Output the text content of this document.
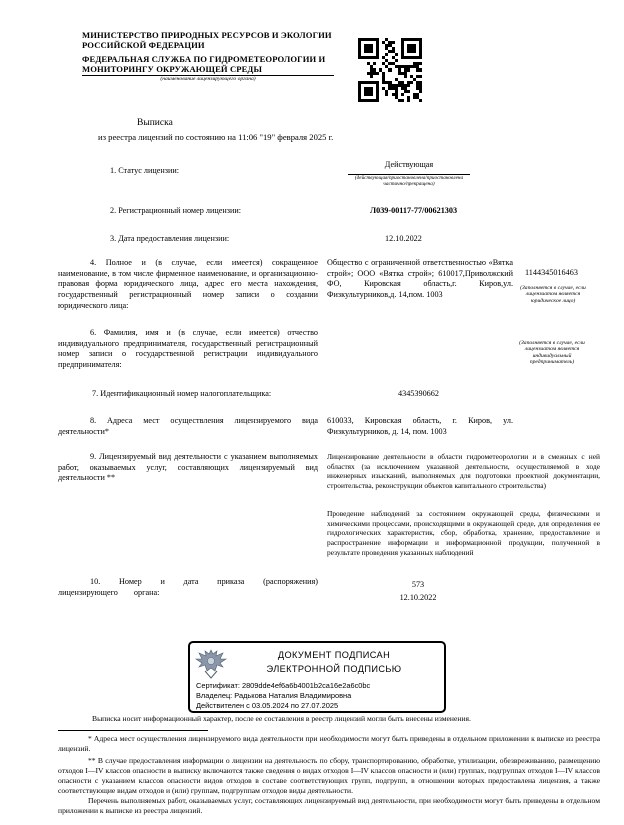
МИНИСТЕРСТВО ПРИРОДНЫХ РЕСУРСОВ И ЭКОЛОГИИ РОССИЙСКОЙ ФЕДЕРАЦИИ
ФЕДЕРАЛЬНАЯ СЛУЖБА ПО ГИДРОМЕТЕОРОЛОГИИ И МОНИТОРИНГУ ОКРУЖАЮЩЕЙ СРЕДЫ
(наименование лицензирующего органа)
Выписка
из реестра лицензий по состоянию на 11:06 "19" февраля 2025 г.
1. Статус лицензии:
Действующая
(действующая/приостановлена/приостановлена частично/прекращена)
2. Регистрационный номер лицензии:	Л039-00117-77/00621303
3. Дата предоставления лицензии:	12.10.2022
4. Полное и (в случае, если имеется) сокращенное наименование, в том числе фирменное наименование, и организационно-правовая форма юридического лица, адрес его места нахождения, государственный регистрационный номер записи о создании юридического лица:
Общество с ограниченной ответственностью «Вятка строй»; ООО «Вятка строй»; 610017,Приволжский ФО, Кировская область,г. Киров,ул. Физкультурников,д. 14,пом. 1003
1144345016463
(Заполняется в случае, если лицензиатом является юридическое лицо)
6. Фамилия, имя и (в случае, если имеется) отчество индивидуального предпринимателя, государственный регистрационный номер записи о государственной регистрации индивидуального предпринимателя:
(Заполняется в случае, если лицензиатом является индивидуальный предприниматель)
7. Идентификационный номер налогоплательщика:	4345390662
8. Адреса мест осуществления лицензируемого вида деятельности*
610033, Кировская область, г. Киров, ул. Физкультурников, д. 14, пом. 1003
9. Лицензируемый вид деятельности с указанием выполняемых работ, оказываемых услуг, составляющих лицензируемый вид деятельности **
Лицензирование деятельности в области гидрометеорологии и в смежных с ней областях (за исключением указанной деятельности, осуществляемой в ходе инженерных изысканий, выполняемых для подготовки проектной документации, строительства, реконструкции объектов капитального строительства)
Проведение наблюдений за состоянием окружающей среды, физическими и химическими процессами, происходящими в окружающей среде, для определения ее гидрологических характеристик, сбор, обработка, хранение, предоставление и распространение информации и информационной продукции, полученной в результате проведения указанных наблюдений
10. Номер и дата приказа (распоряжения) лицензирующего органа:
573
12.10.2022
ДОКУМЕНТ ПОДПИСАН
ЭЛЕКТРОННОЙ ПОДПИСЬЮ
Сертификат: 2809dde4ef6a6b4001b2ca16e2a6c0bc
Владелец: Радькова Наталия Владимировна
Действителен с 03.05.2024 по 27.07.2025
Выписка носит информационный характер, после ее составления в реестр лицензий могли быть внесены изменения.
* Адреса мест осуществления лицензируемого вида деятельности при необходимости могут быть приведены в отдельном приложении к выписке из реестра лицензий.
** В случае предоставления информации о лицензии на деятельность по сбору, транспортированию, обработке, утилизации, обезвреживанию, размещению отходов I—IV классов опасности в выписку включаются также сведения о видах отходов I—IV классов опасности и (или) группах, подгруппах отходов I—IV классов опасности с указанием классов опасности видов отходов в составе соответствующих групп, подгрупп, в отношении которых предоставлена лицензия, а также соответствующие видам отходов и (или) группам, подгруппам отходов виды деятельности.
Перечень выполняемых работ, оказываемых услуг, составляющих лицензируемый вид деятельности, при необходимости могут быть приведены в отдельном приложении к выписке из реестра лицензий.
